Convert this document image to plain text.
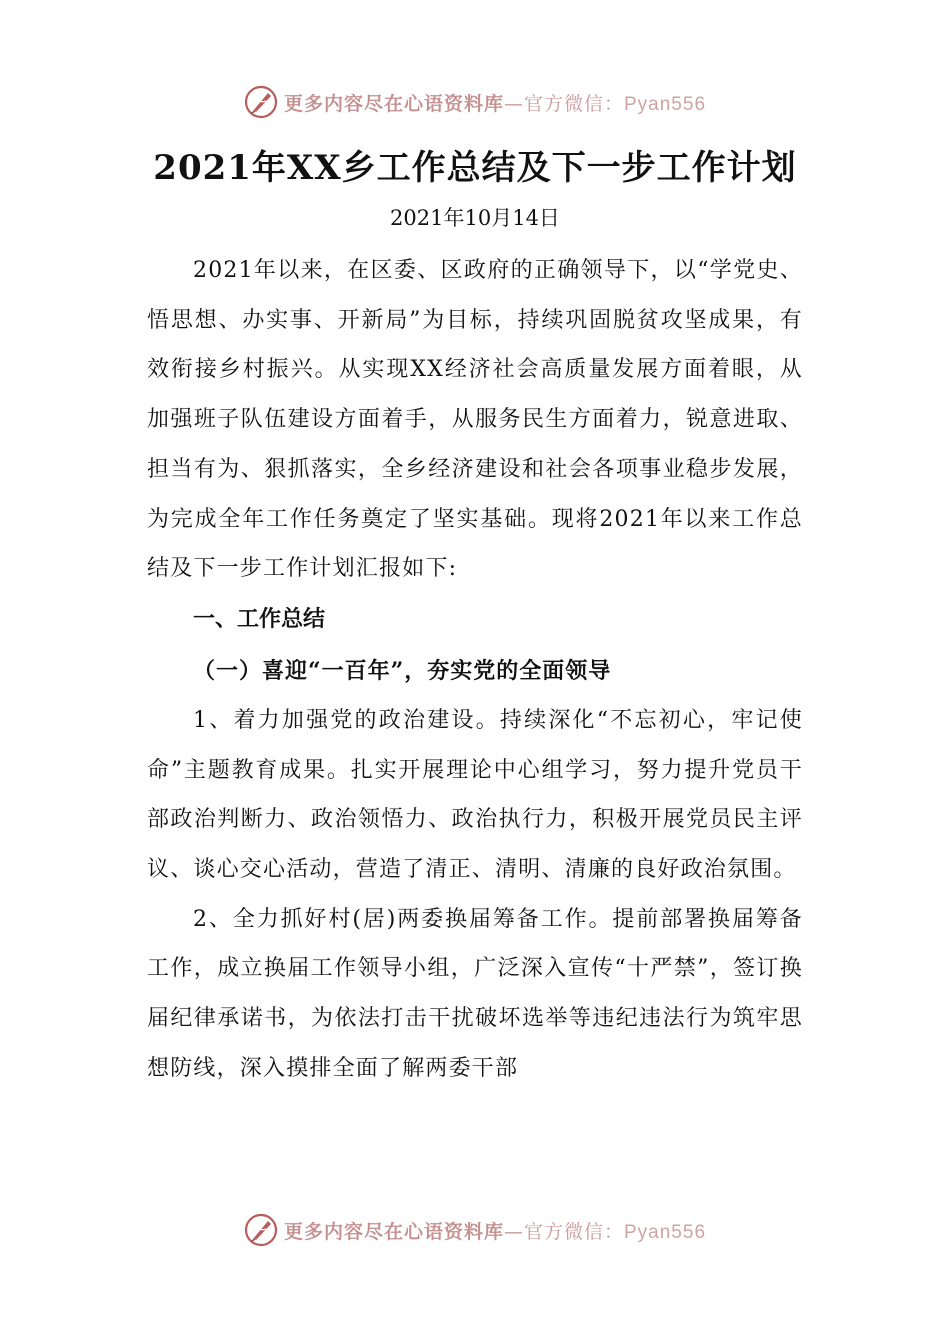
更多内容尽在心语资料库—官方微信：Pyan556
2021年XX乡工作总结及下一步工作计划
2021年10月14日

2021年以来，在区委、区政府的正确领导下，以“学党史、悟思想、办实事、开新局”为目标，持续巩固脱贫攻坚成果，有效衔接乡村振兴。从实现XX经济社会高质量发展方面着眼，从加强班子队伍建设方面着手，从服务民生方面着力，锐意进取、担当有为、狠抓落实，全乡经济建设和社会各项事业稳步发展，为完成全年工作任务奠定了坚实基础。现将2021年以来工作总结及下一步工作计划汇报如下:

一、工作总结

（一）喜迎“一百年”，夯实党的全面领导

1、着力加强党的政治建设。持续深化“不忘初心，牢记使命”主题教育成果。扎实开展理论中心组学习，努力提升党员干部政治判断力、政治领悟力、政治执行力，积极开展党员民主评议、谈心交心活动，营造了清正、清明、清廉的良好政治氛围。

2、全力抓好村(居)两委换届筹备工作。提前部署换届筹备工作，成立换届工作领导小组，广泛深入宣传“十严禁”，签订换届纪律承诺书，为依法打击干扰破坏选举等违纪违法行为筑牢思想防线，深入摸排全面了解两委干部

更多内容尽在心语资料库—官方微信：Pyan556
